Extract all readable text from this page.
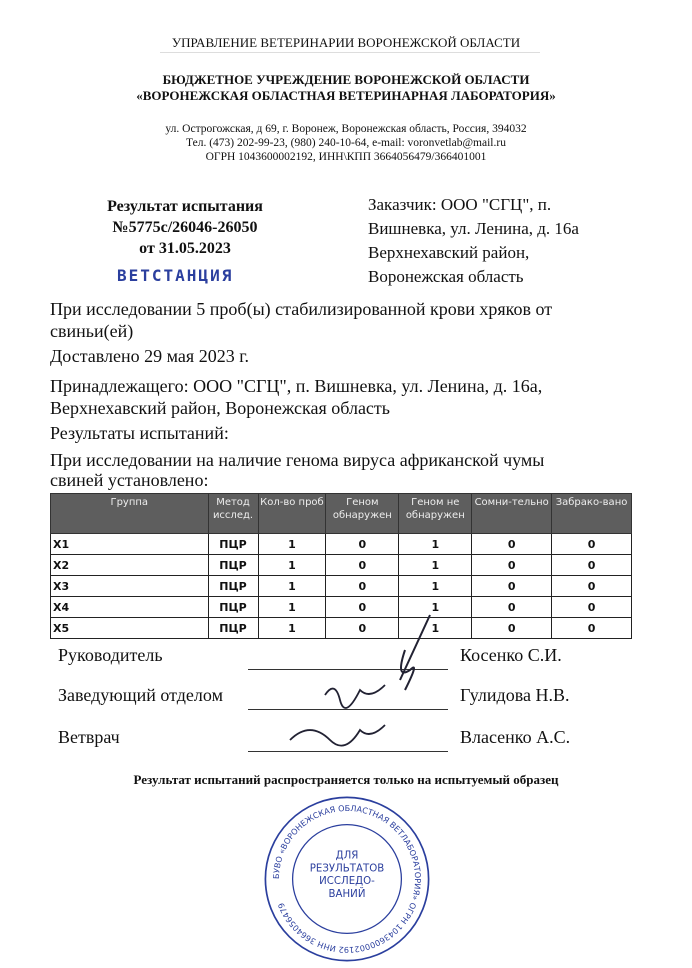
УПРАВЛЕНИЕ ВЕТЕРИНАРИИ ВОРОНЕЖСКОЙ ОБЛАСТИ
БЮДЖЕТНОЕ УЧРЕЖДЕНИЕ ВОРОНЕЖСКОЙ ОБЛАСТИ
«ВОРОНЕЖСКАЯ ОБЛАСТНАЯ ВЕТЕРИНАРНАЯ ЛАБОРАТОРИЯ»
ул. Острогожская, д 69, г. Воронеж, Воронежская область, Россия, 394032
Тел. (473) 202-99-23, (980) 240-10-64, e-mail: voronvetlab@mail.ru
ОГРН 1043600002192, ИНН\КПП 3664056479/366401001
Результат испытания
№5775с/26046-26050
от 31.05.2023
Заказчик: ООО "СГЦ", п.
Вишневка, ул. Ленина, д. 16а
Верхнехавский район,
Воронежская область
ВЕТСТАНЦИЯ
При исследовании 5 проб(ы) стабилизированной крови хряков от
свиньи(ей)
Доставлено 29 мая 2023 г.
Принадлежащего: ООО "СГЦ", п. Вишневка, ул. Ленина, д. 16а,
Верхнехавский район, Воронежская область
Результаты испытаний:
При исследовании на наличие генома вируса африканской чумы
свиней установлено:
Группа	Метод исслед.	Кол-во проб	Геном обнаружен	Геном не обнаружен	Сомни-тельно	Забрако-вано
X1	ПЦР	1	0	1	0	0
X2	ПЦР	1	0	1	0	0
X3	ПЦР	1	0	1	0	0
X4	ПЦР	1	0	1	0	0
X5	ПЦР	1	0	1	0	0
Руководитель	Косенко С.И.
Заведующий отделом	Гулидова Н.В.
Ветврач	Власенко А.С.
Результат испытаний распространяется только на испытуемый образец
БУВО «ВОРОНЕЖСКАЯ ОБЛАСТНАЯ ВЕТЛАБОРАТОРИЯ» ОГРН 1043600002192 ИНН 3664056479
ДЛЯ РЕЗУЛЬТАТОВ ИССЛЕДО-ВАНИЙ
